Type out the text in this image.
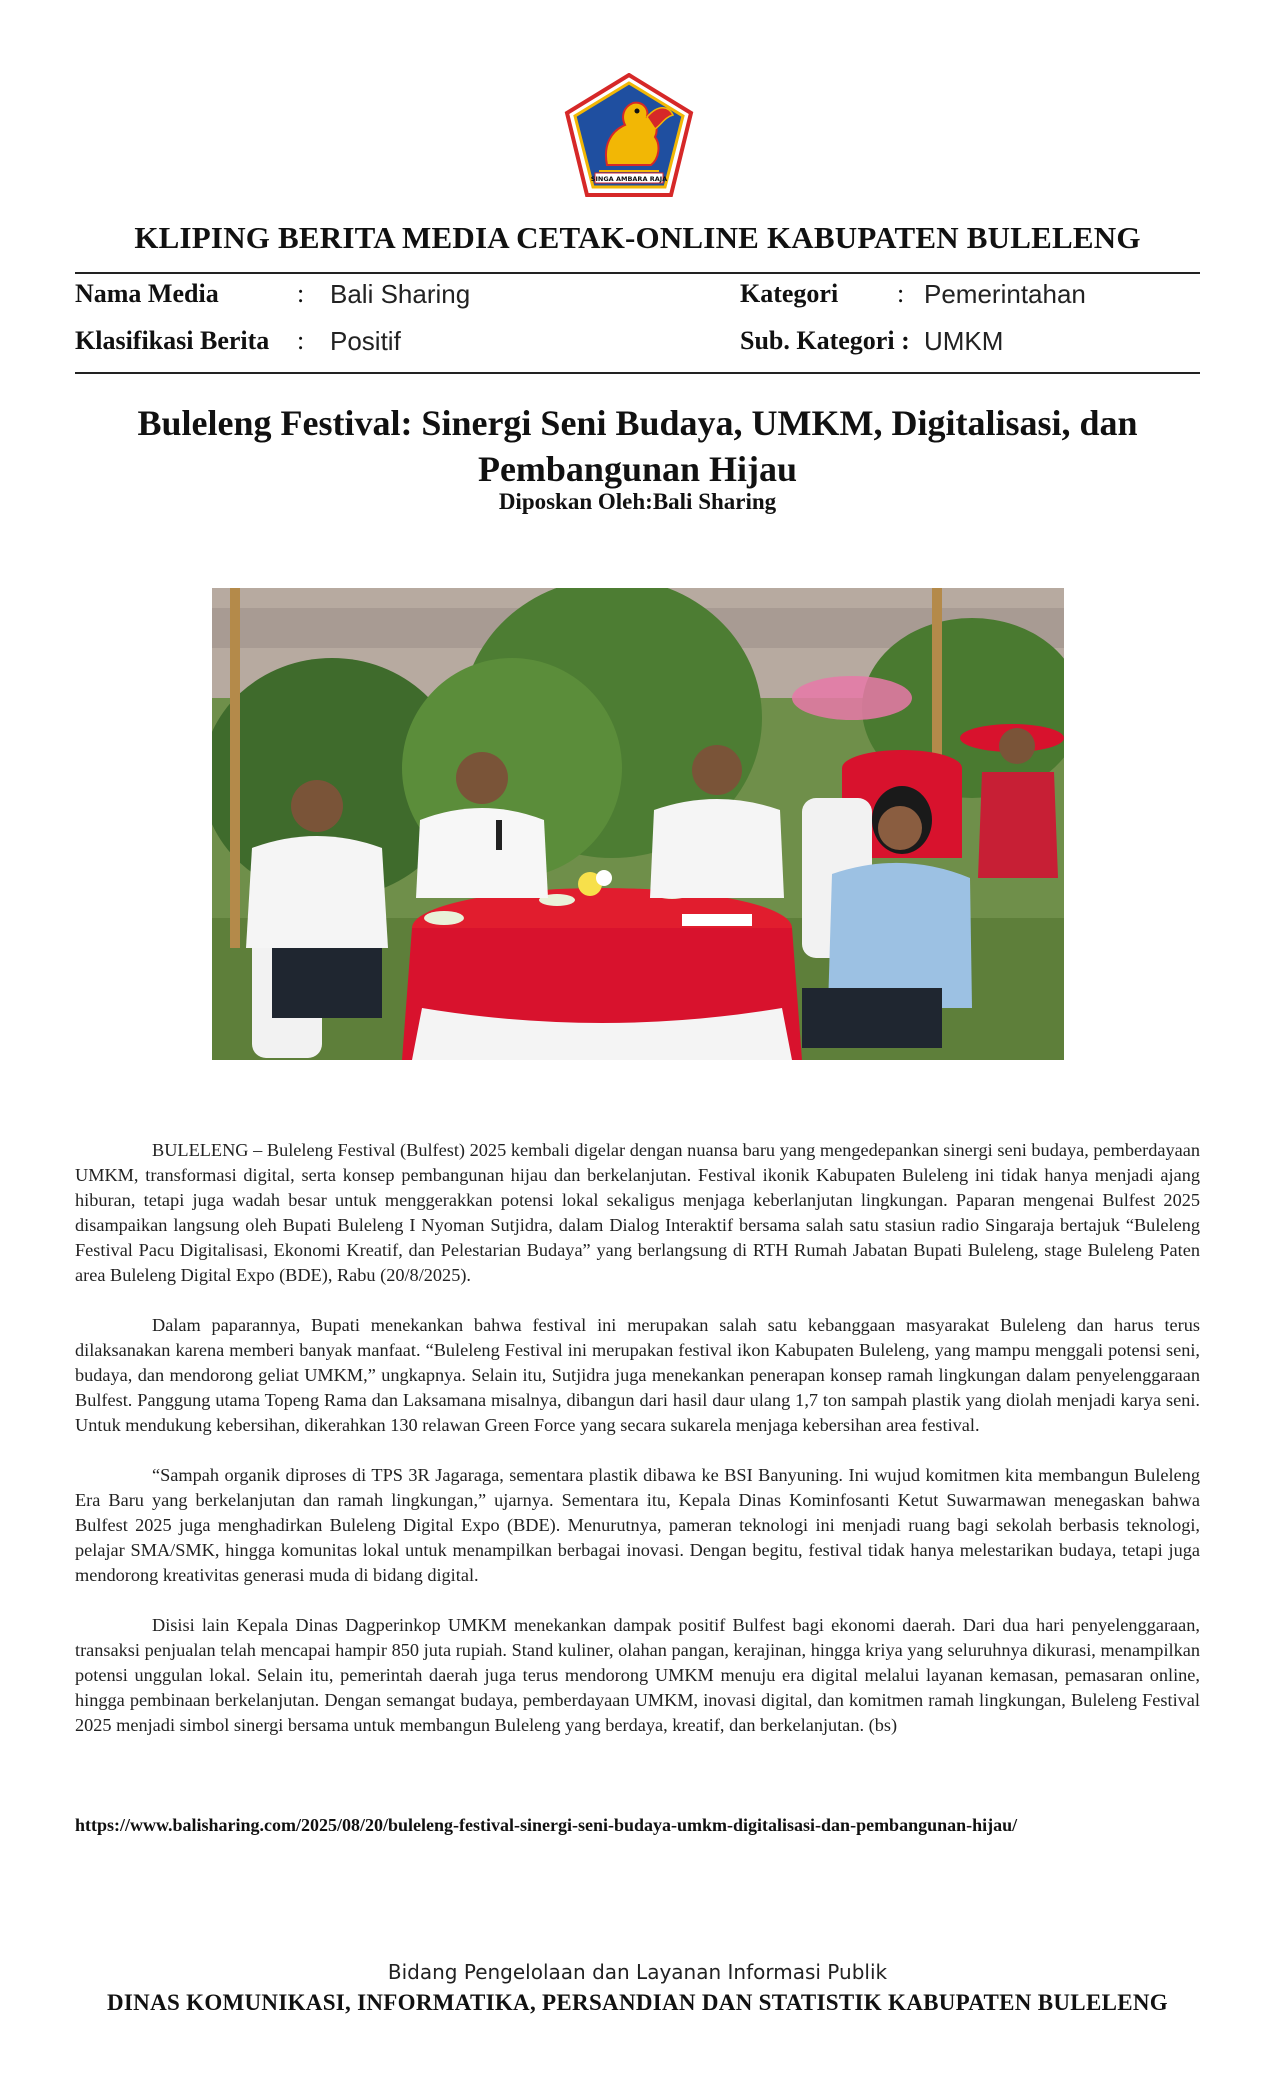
SINGA AMBARA RAJA
KLIPING BERITA MEDIA CETAK-ONLINE KABUPATEN BULELENG
Nama Media	: Bali Sharing	Kategori : Pemerintahan
Klasifikasi Berita : Positif	Sub. Kategori : UMKM
Buleleng Festival: Sinergi Seni Budaya, UMKM, Digitalisasi, dan Pembangunan Hijau
Diposkan Oleh:Bali Sharing

BULELENG – Buleleng Festival (Bulfest) 2025 kembali digelar dengan nuansa baru yang mengedepankan sinergi seni budaya, pemberdayaan UMKM, transformasi digital, serta konsep pembangunan hijau dan berkelanjutan. Festival ikonik Kabupaten Buleleng ini tidak hanya menjadi ajang hiburan, tetapi juga wadah besar untuk menggerakkan potensi lokal sekaligus menjaga keberlanjutan lingkungan. Paparan mengenai Bulfest 2025 disampaikan langsung oleh Bupati Buleleng I Nyoman Sutjidra, dalam Dialog Interaktif bersama salah satu stasiun radio Singaraja bertajuk “Buleleng Festival Pacu Digitalisasi, Ekonomi Kreatif, dan Pelestarian Budaya” yang berlangsung di RTH Rumah Jabatan Bupati Buleleng, stage Buleleng Paten area Buleleng Digital Expo (BDE), Rabu (20/8/2025).

Dalam paparannya, Bupati menekankan bahwa festival ini merupakan salah satu kebanggaan masyarakat Buleleng dan harus terus dilaksanakan karena memberi banyak manfaat. “Buleleng Festival ini merupakan festival ikon Kabupaten Buleleng, yang mampu menggali potensi seni, budaya, dan mendorong geliat UMKM,” ungkapnya. Selain itu, Sutjidra juga menekankan penerapan konsep ramah lingkungan dalam penyelenggaraan Bulfest. Panggung utama Topeng Rama dan Laksamana misalnya, dibangun dari hasil daur ulang 1,7 ton sampah plastik yang diolah menjadi karya seni. Untuk mendukung kebersihan, dikerahkan 130 relawan Green Force yang secara sukarela menjaga kebersihan area festival.

“Sampah organik diproses di TPS 3R Jagaraga, sementara plastik dibawa ke BSI Banyuning. Ini wujud komitmen kita membangun Buleleng Era Baru yang berkelanjutan dan ramah lingkungan,” ujarnya. Sementara itu, Kepala Dinas Kominfosanti Ketut Suwarmawan menegaskan bahwa Bulfest 2025 juga menghadirkan Buleleng Digital Expo (BDE). Menurutnya, pameran teknologi ini menjadi ruang bagi sekolah berbasis teknologi, pelajar SMA/SMK, hingga komunitas lokal untuk menampilkan berbagai inovasi. Dengan begitu, festival tidak hanya melestarikan budaya, tetapi juga mendorong kreativitas generasi muda di bidang digital.

Disisi lain Kepala Dinas Dagperinkop UMKM menekankan dampak positif Bulfest bagi ekonomi daerah. Dari dua hari penyelenggaraan, transaksi penjualan telah mencapai hampir 850 juta rupiah. Stand kuliner, olahan pangan, kerajinan, hingga kriya yang seluruhnya dikurasi, menampilkan potensi unggulan lokal. Selain itu, pemerintah daerah juga terus mendorong UMKM menuju era digital melalui layanan kemasan, pemasaran online, hingga pembinaan berkelanjutan. Dengan semangat budaya, pemberdayaan UMKM, inovasi digital, dan komitmen ramah lingkungan, Buleleng Festival 2025 menjadi simbol sinergi bersama untuk membangun Buleleng yang berdaya, kreatif, dan berkelanjutan. (bs)

https://www.balisharing.com/2025/08/20/buleleng-festival-sinergi-seni-budaya-umkm-digitalisasi-dan-pembangunan-hijau/
Bidang Pengelolaan dan Layanan Informasi Publik
DINAS KOMUNIKASI, INFORMATIKA, PERSANDIAN DAN STATISTIK KABUPATEN BULELENG
